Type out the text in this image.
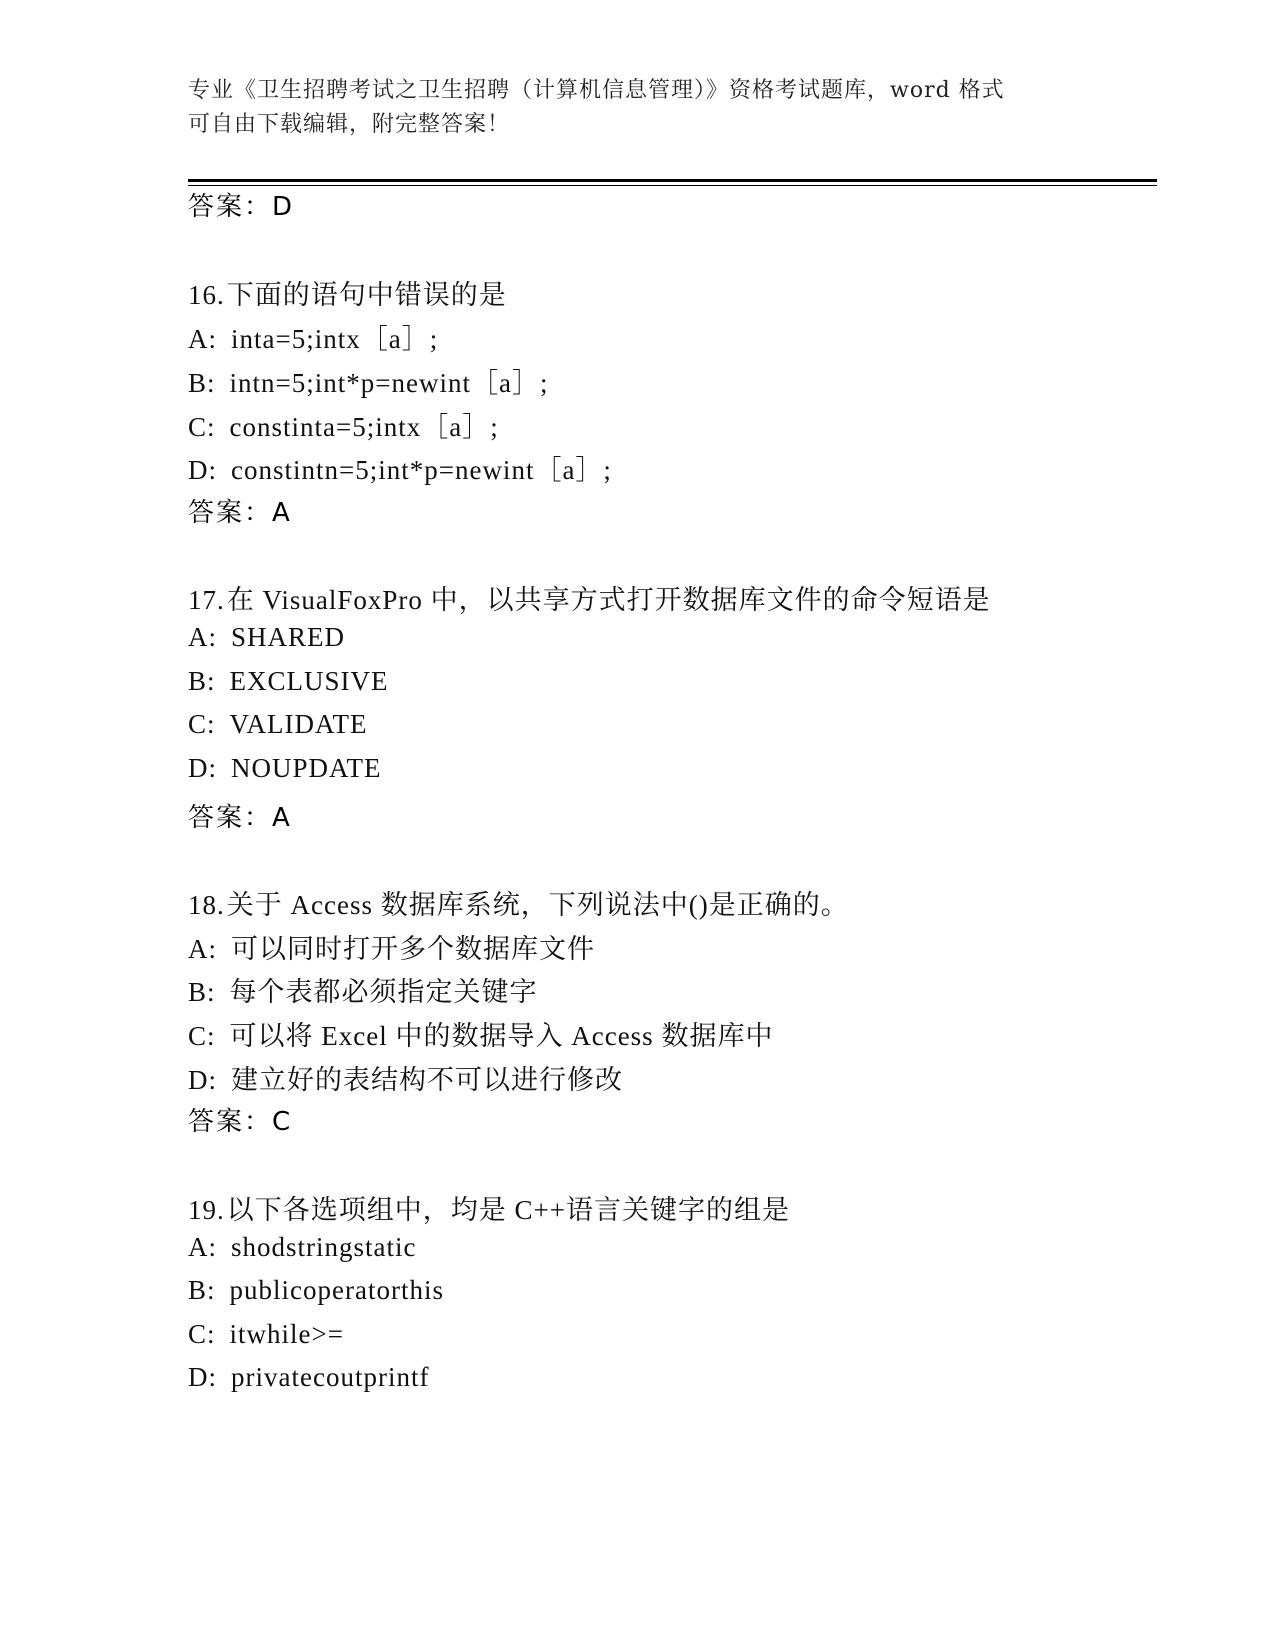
专业《卫生招聘考试之卫生招聘（计算机信息管理）》资格考试题库，word 格式
可自由下载编辑，附完整答案！
答案：D
16.下面的语句中错误的是
A: inta=5;intx［a］;
B: intn=5;int*p=newint［a］;
C: constinta=5;intx［a］;
D: constintn=5;int*p=newint［a］;
答案：A
17.在 VisualFoxPro 中，以共享方式打开数据库文件的命令短语是
A: SHARED
B: EXCLUSIVE
C: VALIDATE
D: NOUPDATE
答案：A
18.关于 Access 数据库系统，下列说法中()是正确的。
A: 可以同时打开多个数据库文件
B: 每个表都必须指定关键字
C: 可以将 Excel 中的数据导入 Access 数据库中
D: 建立好的表结构不可以进行修改
答案：C
19.以下各选项组中，均是 C++语言关键字的组是
A: shodstringstatic
B: publicoperatorthis
C: itwhile>=
D: privatecoutprintf
